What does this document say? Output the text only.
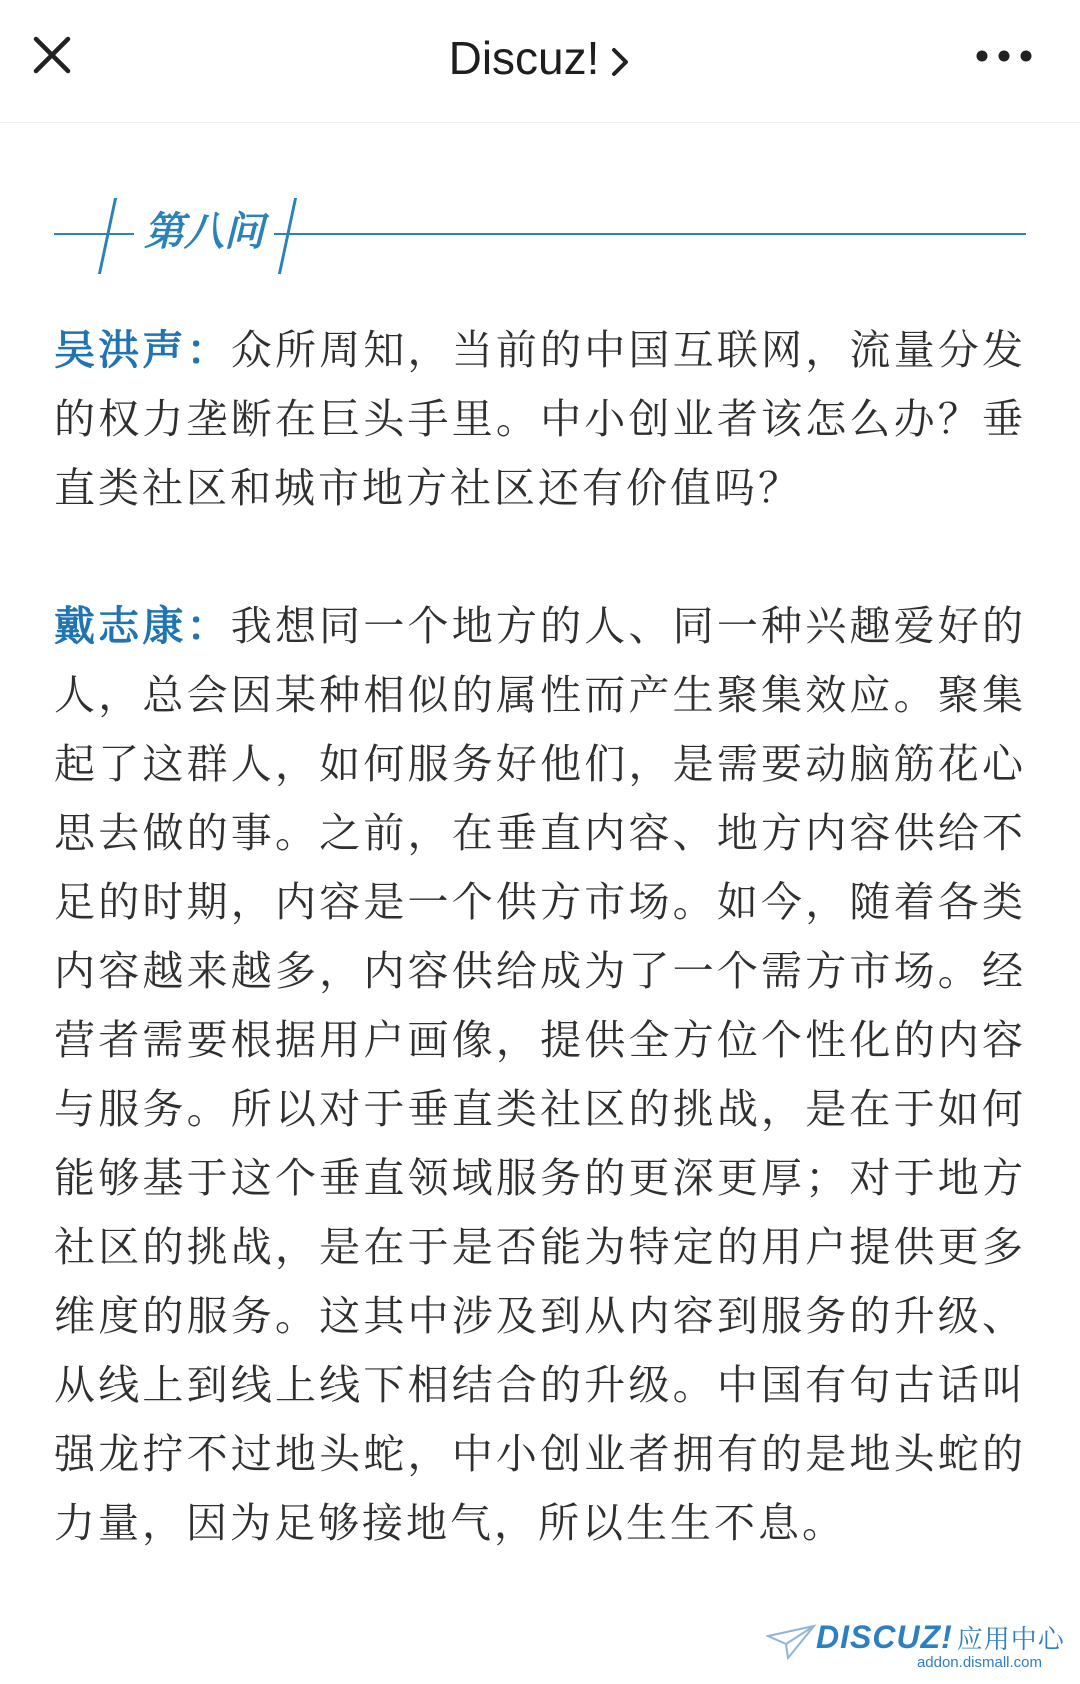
Discuz!
第八问

吴洪声：众所周知，当前的中国互联网，流量分发的权力垄断在巨头手里。中小创业者该怎么办？垂直类社区和城市地方社区还有价值吗？

戴志康：我想同一个地方的人、同一种兴趣爱好的人，总会因某种相似的属性而产生聚集效应。聚集起了这群人，如何服务好他们，是需要动脑筋花心思去做的事。之前，在垂直内容、地方内容供给不足的时期，内容是一个供方市场。如今，随着各类内容越来越多，内容供给成为了一个需方市场。经营者需要根据用户画像，提供全方位个性化的内容与服务。所以对于垂直类社区的挑战，是在于如何能够基于这个垂直领域服务的更深更厚；对于地方社区的挑战，是在于是否能为特定的用户提供更多维度的服务。这其中涉及到从内容到服务的升级、从线上到线上线下相结合的升级。中国有句古话叫强龙拧不过地头蛇，中小创业者拥有的是地头蛇的力量，因为足够接地气，所以生生不息。

DISCUZ! 应用中心
addon.dismall.com
